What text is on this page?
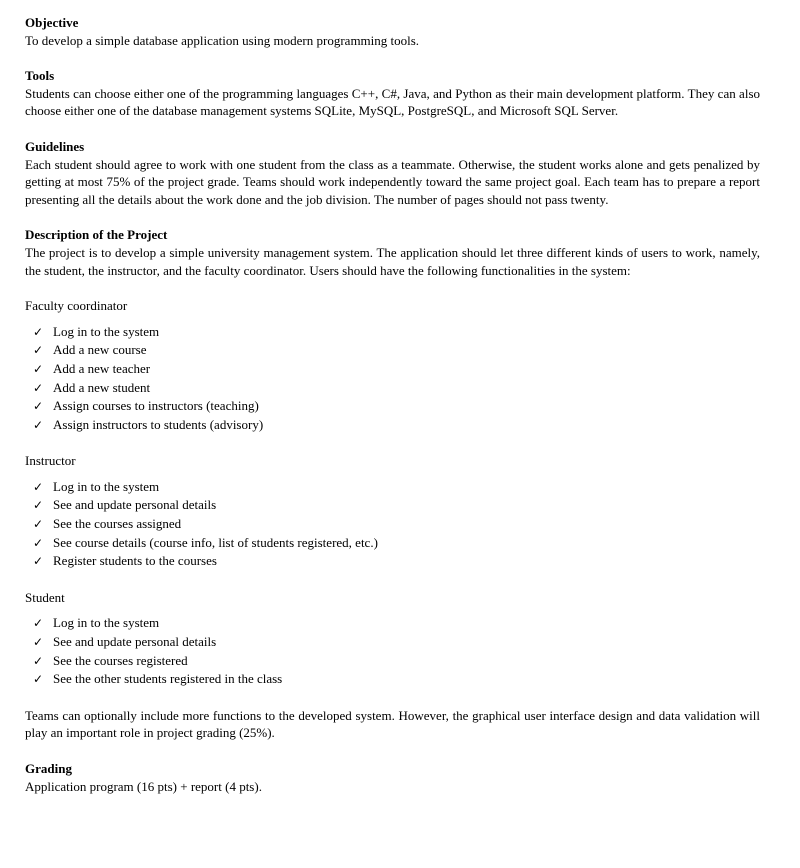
Objective

To develop a simple database application using modern programming tools.

Tools

Students can choose either one of the programming languages C++, C#, Java, and Python as their main development platform. They can also choose either one of the database management systems SQLite, MySQL, PostgreSQL, and Microsoft SQL Server.

Guidelines

Each student should agree to work with one student from the class as a teammate. Otherwise, the student works alone and gets penalized by getting at most 75% of the project grade. Teams should work independently toward the same project goal. Each team has to prepare a report presenting all the details about the work done and the job division. The number of pages should not pass twenty.

Description of the Project

The project is to develop a simple university management system. The application should let three different kinds of users to work, namely, the student, the instructor, and the faculty coordinator. Users should have the following functionalities in the system:

Faculty coordinator

✓ Log in to the system
✓ Add a new course
✓ Add a new teacher
✓ Add a new student
✓ Assign courses to instructors (teaching)
✓ Assign instructors to students (advisory)

Instructor

✓ Log in to the system
✓ See and update personal details
✓ See the courses assigned
✓ See course details (course info, list of students registered, etc.)
✓ Register students to the courses

Student

✓ Log in to the system
✓ See and update personal details
✓ See the courses registered
✓ See the other students registered in the class

Teams can optionally include more functions to the developed system. However, the graphical user interface design and data validation will play an important role in project grading (25%).

Grading

Application program (16 pts) + report (4 pts).
